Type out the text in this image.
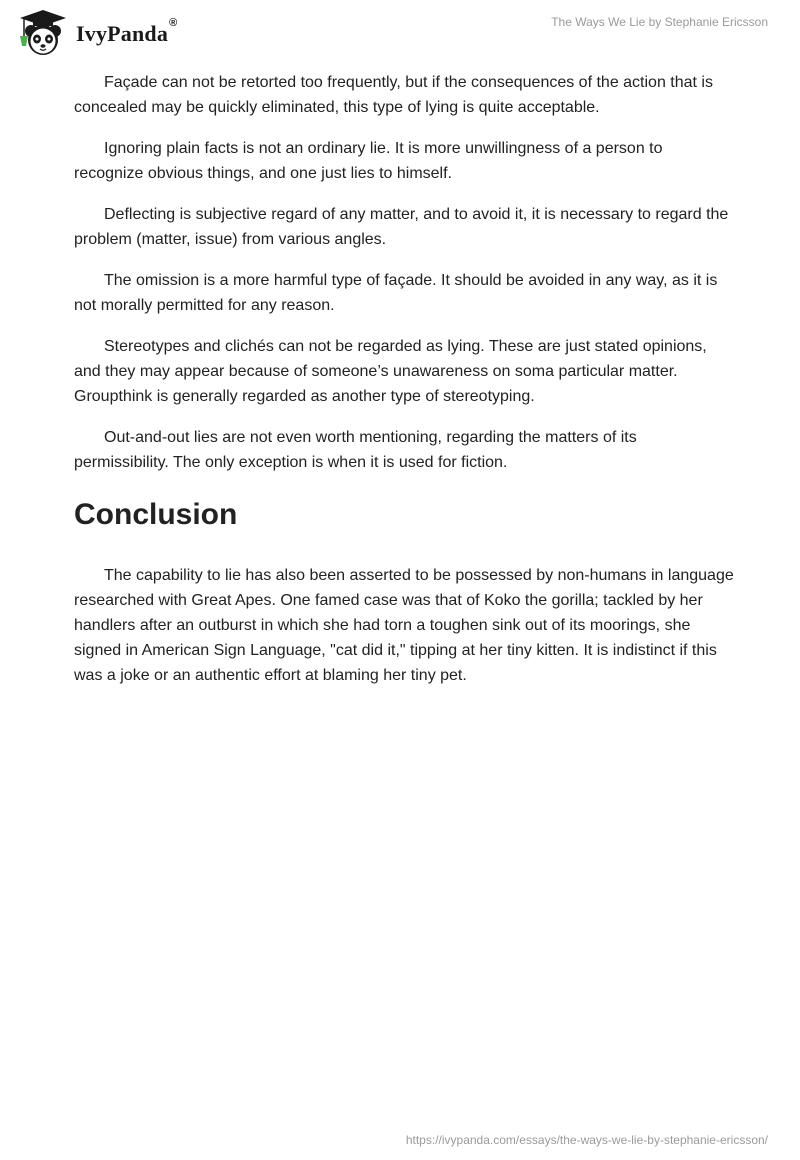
IvyPanda®	The Ways We Lie by Stephanie Ericsson

Façade can not be retorted too frequently, but if the consequences of the action that is concealed may be quickly eliminated, this type of lying is quite acceptable.

Ignoring plain facts is not an ordinary lie. It is more unwillingness of a person to recognize obvious things, and one just lies to himself.

Deflecting is subjective regard of any matter, and to avoid it, it is necessary to regard the problem (matter, issue) from various angles.

The omission is a more harmful type of façade. It should be avoided in any way, as it is not morally permitted for any reason.

Stereotypes and clichés can not be regarded as lying. These are just stated opinions, and they may appear because of someone’s unawareness on soma particular matter. Groupthink is generally regarded as another type of stereotyping.

Out-and-out lies are not even worth mentioning, regarding the matters of its permissibility. The only exception is when it is used for fiction.

Conclusion

The capability to lie has also been asserted to be possessed by non-humans in language researched with Great Apes. One famed case was that of Koko the gorilla; tackled by her handlers after an outburst in which she had torn a toughen sink out of its moorings, she signed in American Sign Language, "cat did it," tipping at her tiny kitten. It is indistinct if this was a joke or an authentic effort at blaming her tiny pet.

https://ivypanda.com/essays/the-ways-we-lie-by-stephanie-ericsson/
